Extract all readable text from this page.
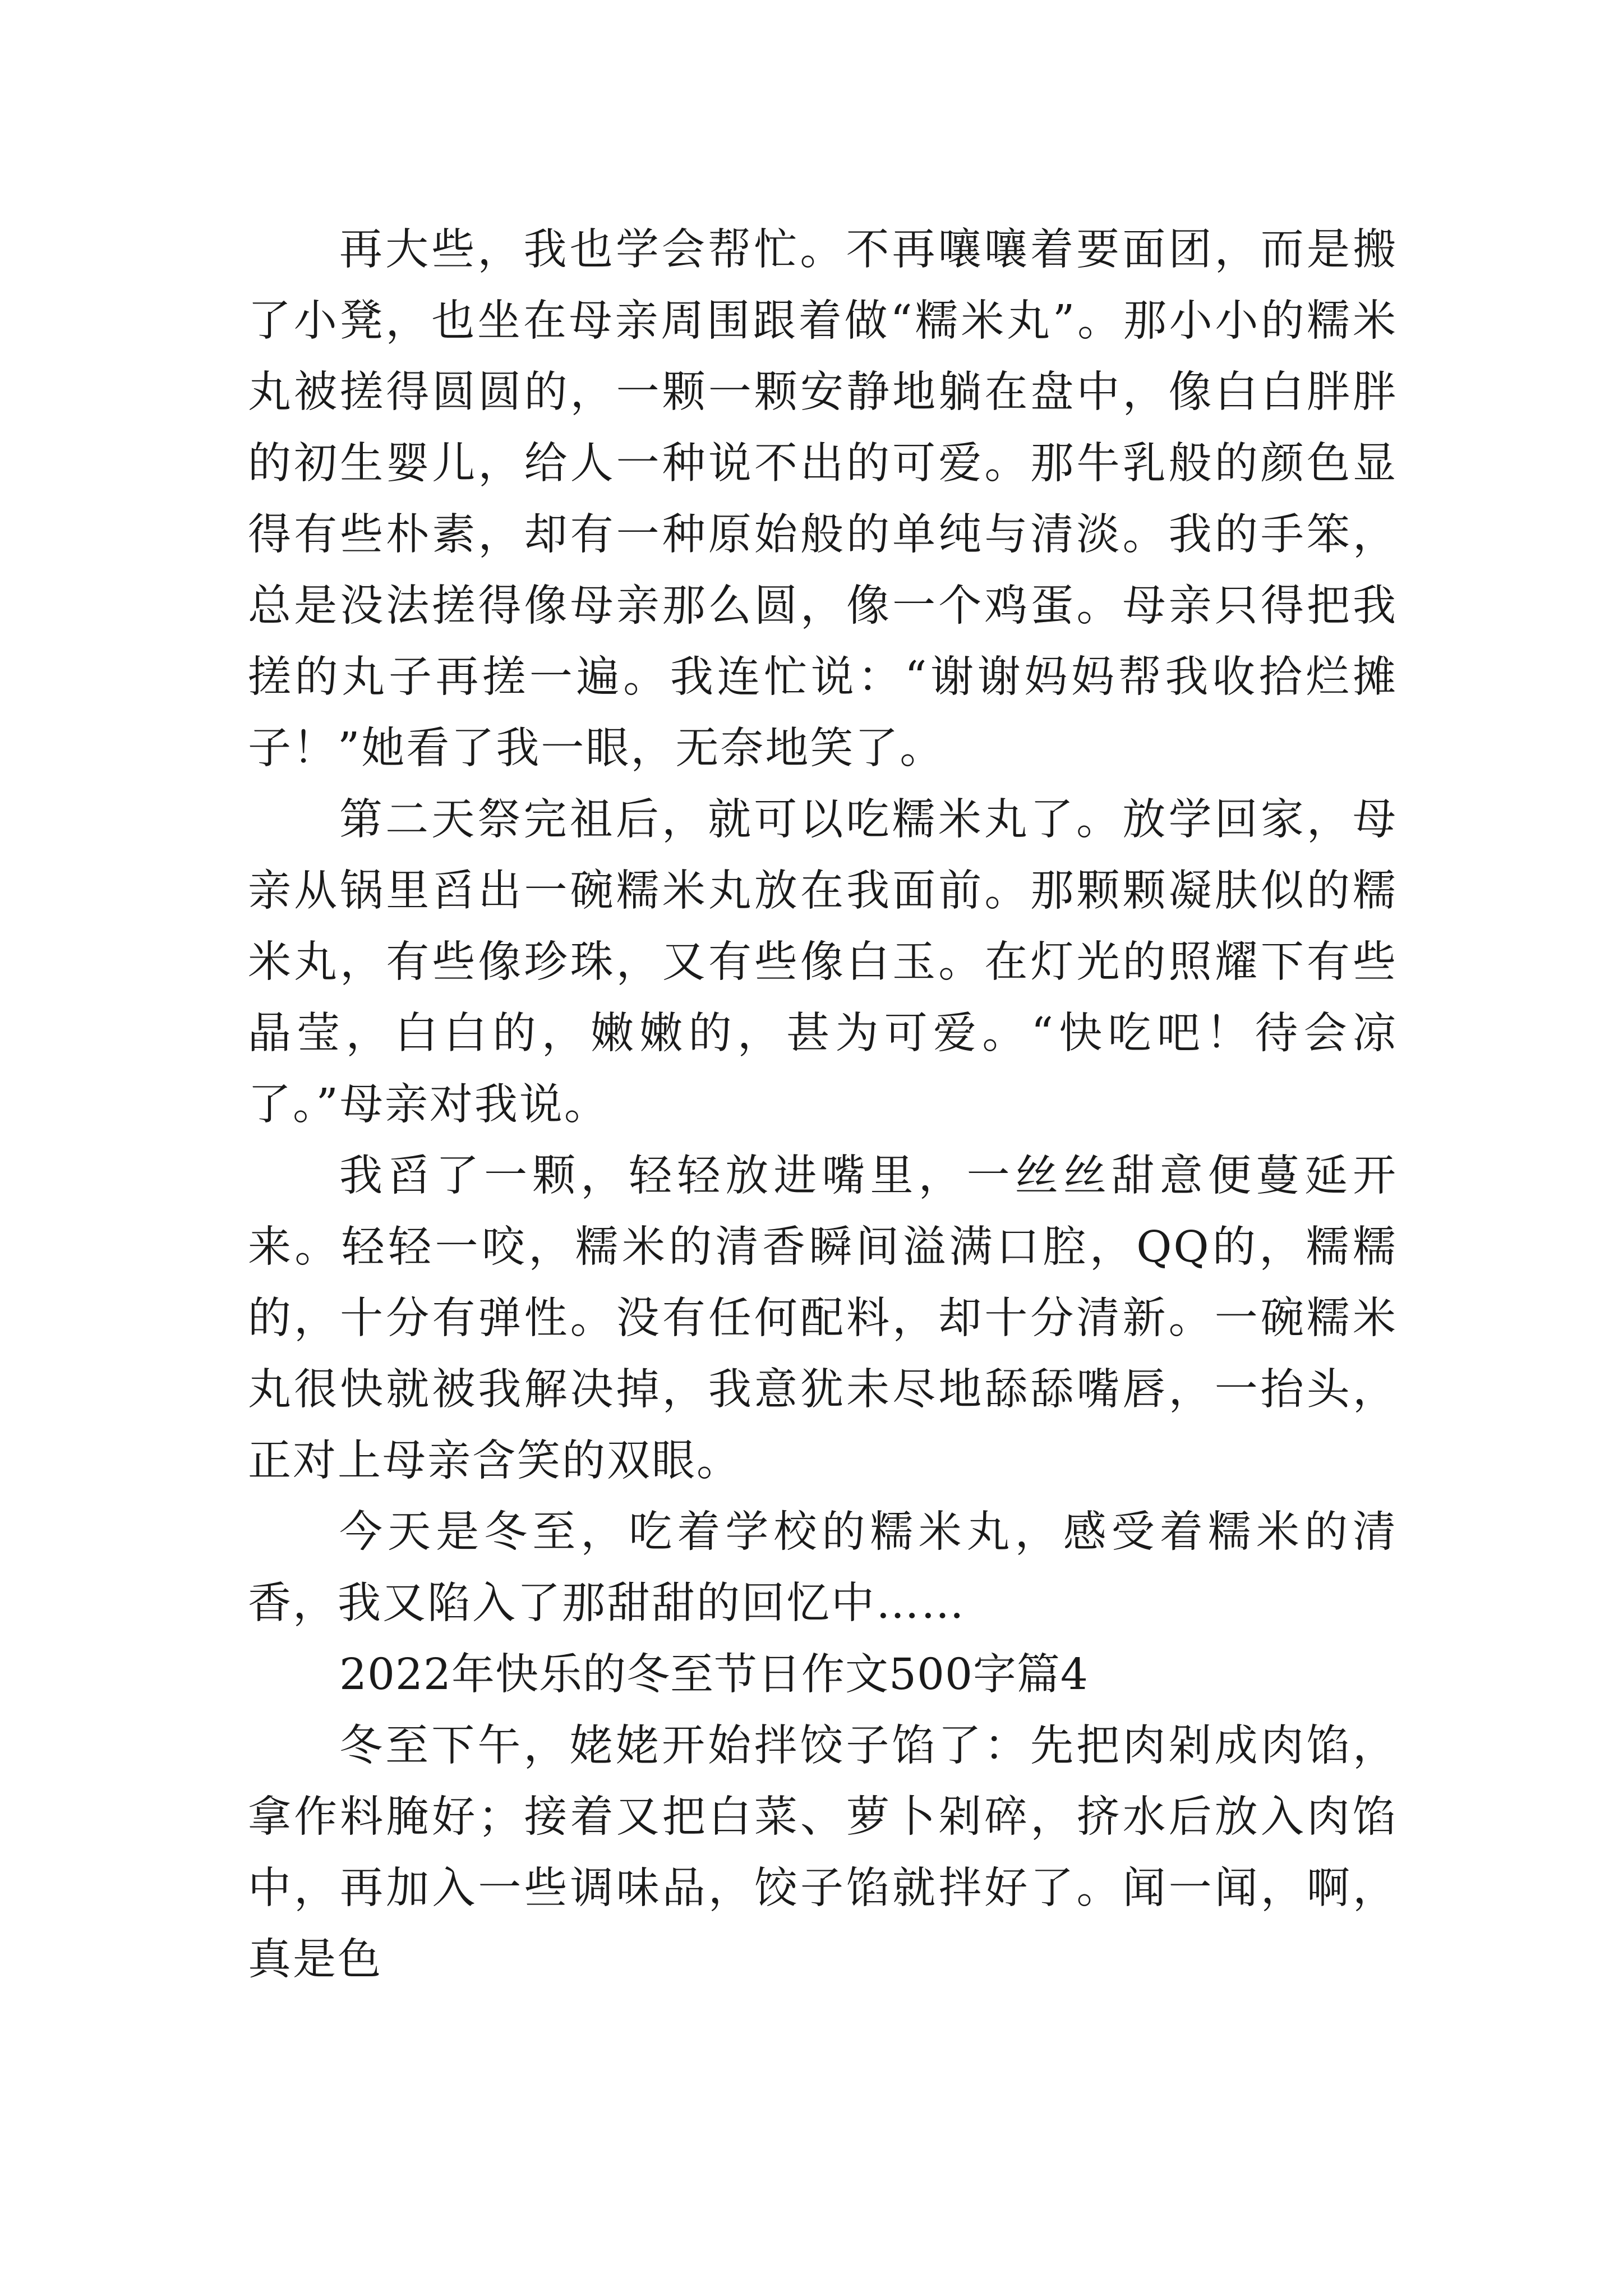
再大些，我也学会帮忙。不再嚷嚷着要面团，而是搬了小凳，也坐在母亲周围跟着做“糯米丸”。那小小的糯米丸被搓得圆圆的，一颗一颗安静地躺在盘中，像白白胖胖的初生婴儿，给人一种说不出的可爱。那牛乳般的颜色显得有些朴素，却有一种原始般的单纯与清淡。我的手笨，总是没法搓得像母亲那么圆，像一个鸡蛋。母亲只得把我搓的丸子再搓一遍。我连忙说：“谢谢妈妈帮我收拾烂摊子！”她看了我一眼，无奈地笑了。

第二天祭完祖后，就可以吃糯米丸了。放学回家，母亲从锅里舀出一碗糯米丸放在我面前。那颗颗凝肤似的糯米丸，有些像珍珠，又有些像白玉。在灯光的照耀下有些晶莹，白白的，嫩嫩的，甚为可爱。“快吃吧！待会凉了。”母亲对我说。

我舀了一颗，轻轻放进嘴里，一丝丝甜意便蔓延开来。轻轻一咬，糯米的清香瞬间溢满口腔，QQ的，糯糯的，十分有弹性。没有任何配料，却十分清新。一碗糯米丸很快就被我解决掉，我意犹未尽地舔舔嘴唇，一抬头，正对上母亲含笑的双眼。

今天是冬至，吃着学校的糯米丸，感受着糯米的清香，我又陷入了那甜甜的回忆中……

2022年快乐的冬至节日作文500字篇4

冬至下午，姥姥开始拌饺子馅了：先把肉剁成肉馅，拿作料腌好；接着又把白菜、萝卜剁碎，挤水后放入肉馅中，再加入一些调味品，饺子馅就拌好了。闻一闻，啊，真是色
